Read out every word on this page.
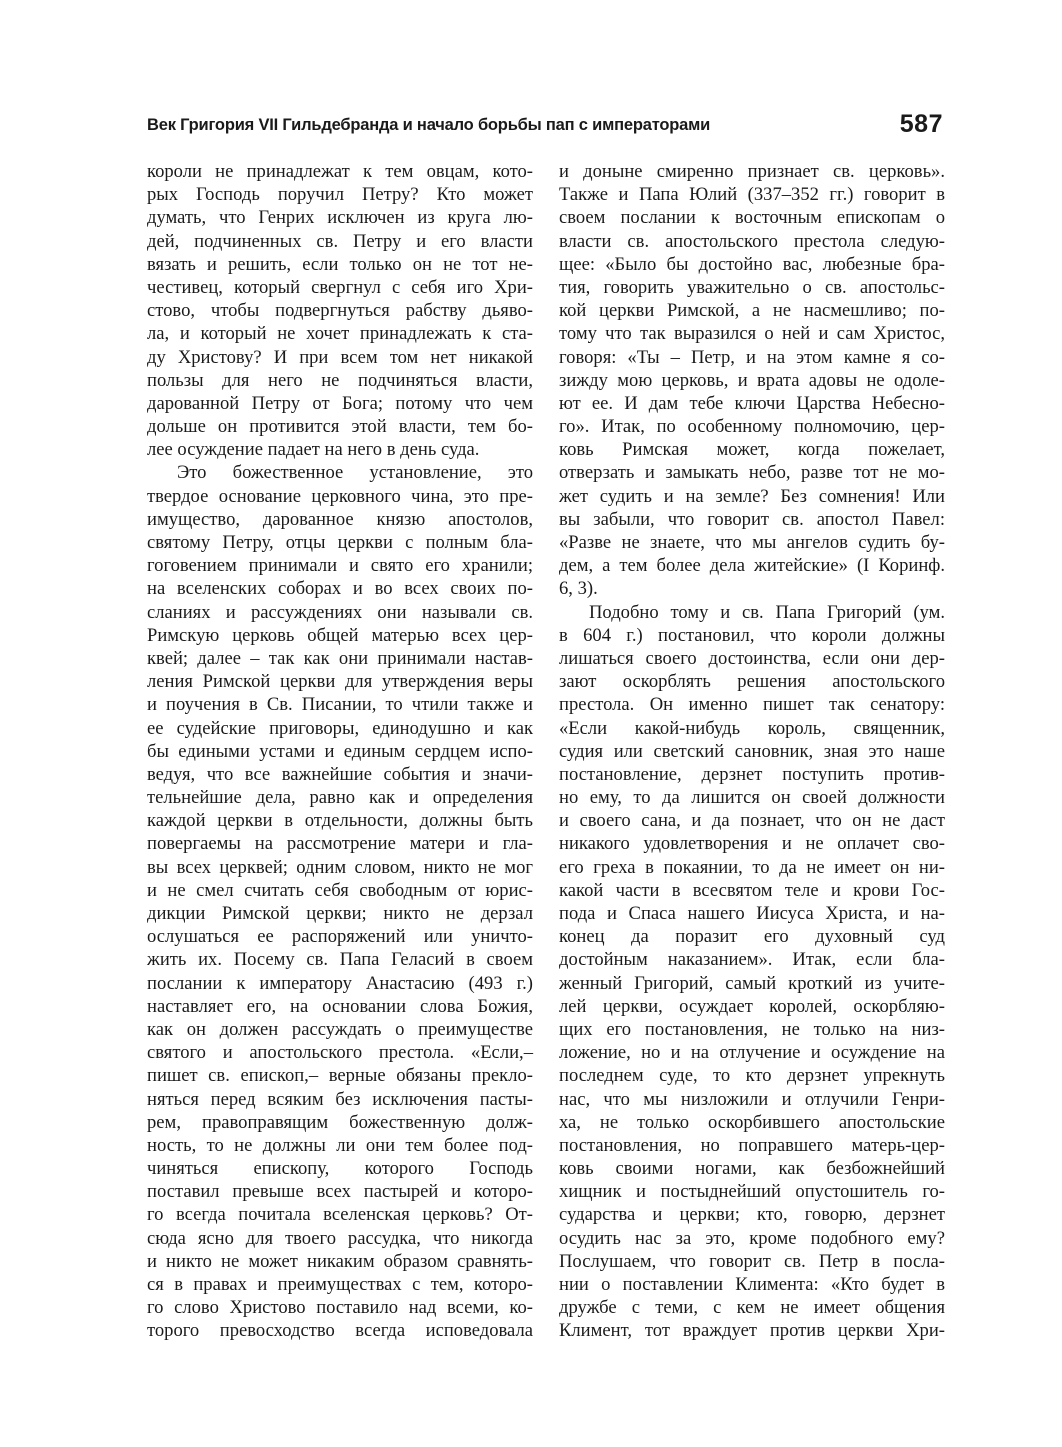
Век Григория VII Гильдебранда и начало борьбы пап с императорами	587
короли не принадлежат к тем овцам, кото-
рых Господь поручил Петру? Кто может
думать, что Генрих исключен из круга лю-
дей, подчиненных св. Петру и его власти
вязать и решить, если только он не тот не-
честивец, который свергнул с себя иго Хри-
стово, чтобы подвергнуться рабству дьяво-
ла, и который не хочет принадлежать к ста-
ду Христову? И при всем том нет никакой
пользы для него не подчиняться власти,
дарованной Петру от Бога; потому что чем
дольше он противится этой власти, тем бо-
лее осуждение падает на него в день суда.
Это божественное установление, это
твердое основание церковного чина, это пре-
имущество, дарованное князю апостолов,
святому Петру, отцы церкви с полным бла-
гоговением принимали и свято его хранили;
на вселенских соборах и во всех своих по-
сланиях и рассуждениях они называли св.
Римскую церковь общей матерью всех цер-
квей; далее – так как они принимали настав-
ления Римской церкви для утверждения веры
и поучения в Св. Писании, то чтили также и
ее судейские приговоры, единодушно и как
бы едиными устами и единым сердцем испо-
ведуя, что все важнейшие события и значи-
тельнейшие дела, равно как и определения
каждой церкви в отдельности, должны быть
повергаемы на рассмотрение матери и гла-
вы всех церквей; одним словом, никто не мог
и не смел считать себя свободным от юрис-
дикции Римской церкви; никто не дерзал
ослушаться ее распоряжений или уничто-
жить их. Посему св. Папа Геласий в своем
послании к императору Анастасию (493 г.)
наставляет его, на основании слова Божия,
как он должен рассуждать о преимуществе
святого и апостольского престола. «Если,–
пишет св. епископ,– верные обязаны прекло-
няться перед всяким без исключения пасты-
рем, правоправящим божественную долж-
ность, то не должны ли они тем более под-
чиняться епископу, которого Господь
поставил превыше всех пастырей и которо-
го всегда почитала вселенская церковь? От-
сюда ясно для твоего рассудка, что никогда
и никто не может никаким образом сравнять-
ся в правах и преимуществах с тем, которо-
го слово Христово поставило над всеми, ко-
торого превосходство всегда исповедовала
и доныне смиренно признает св. церковь».
Также и Папа Юлий (337–352 гг.) говорит в
своем послании к восточным епископам о
власти св. апостольского престола следую-
щее: «Было бы достойно вас, любезные бра-
тия, говорить уважительно о св. апостольс-
кой церкви Римской, а не насмешливо; по-
тому что так выразился о ней и сам Христос,
говоря: «Ты – Петр, и на этом камне я со-
зижду мою церковь, и врата адовы не одоле-
ют ее. И дам тебе ключи Царства Небесно-
го». Итак, по особенному полномочию, цер-
ковь Римская может, когда пожелает,
отверзать и замыкать небо, разве тот не мо-
жет судить и на земле? Без сомнения! Или
вы забыли, что говорит св. апостол Павел:
«Разве не знаете, что мы ангелов судить бу-
дем, а тем более дела житейские» (I Коринф.
6, 3).
Подобно тому и св. Папа Григорий (ум.
в 604 г.) постановил, что короли должны
лишаться своего достоинства, если они дер-
зают оскорблять решения апостольского
престола. Он именно пишет так сенатору:
«Если какой-нибудь король, священник,
судия или светский сановник, зная это наше
постановление, дерзнет поступить против-
но ему, то да лишится он своей должности
и своего сана, и да познает, что он не даст
никакого удовлетворения и не оплачет сво-
его греха в покаянии, то да не имеет он ни-
какой части в всесвятом теле и крови Гос-
пода и Спаса нашего Иисуса Христа, и на-
конец да поразит его духовный суд
достойным наказанием». Итак, если бла-
женный Григорий, самый кроткий из учите-
лей церкви, осуждает королей, оскорбляю-
щих его постановления, не только на низ-
ложение, но и на отлучение и осуждение на
последнем суде, то кто дерзнет упрекнуть
нас, что мы низложили и отлучили Генри-
ха, не только оскорбившего апостольские
постановления, но поправшего матерь-цер-
ковь своими ногами, как безбожнейший
хищник и постыднейший опустошитель го-
сударства и церкви; кто, говорю, дерзнет
осудить нас за это, кроме подобного ему?
Послушаем, что говорит св. Петр в посла-
нии о поставлении Климента: «Кто будет в
дружбе с теми, с кем не имеет общения
Климент, тот враждует против церкви Хри-
